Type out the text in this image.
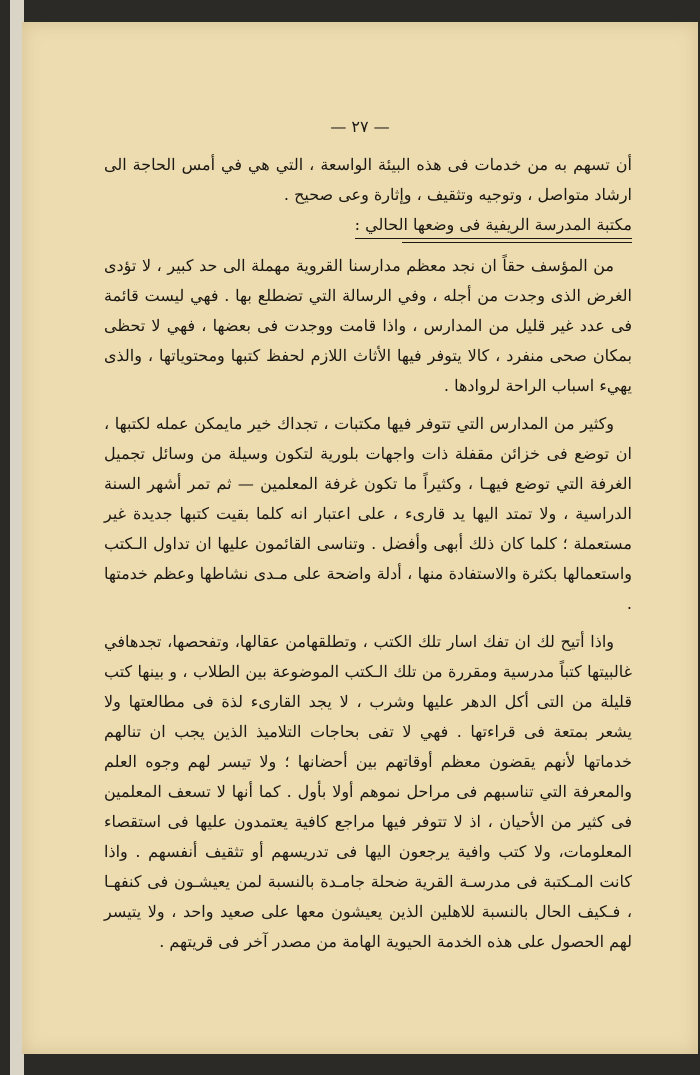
— ٢٧ —

أن تسهم به من خدمات فى هذه البيئة الواسعة ، التي هي في أمس الحاجة الى ارشاد متواصل ، وتوجيه وتثقيف ، وإثارة وعى صحيح .

مكتبة المدرسة الريفية فى وضعها الحالي :

من المؤسف حقاً ان نجد معظم مدارسنا القروية مهملة الى حد كبير ، لا تؤدى الغرض الذى وجدت من أجله ، وفي الرسالة التي تضطلع بها . فهي ليست قائمة فى عدد غير قليل من المدارس ، واذا قامت ووجدت فى بعضها ، فهي لا تحظى بمكان صحى منفرد ، كالا يتوفر فيها الأثاث اللازم لحفظ كتبها ومحتوياتها ، والذى يهيء اسباب الراحة لروادها .

وكثير من المدارس التي تتوفر فيها مكتبات ، تجداك خير مايمكن عمله لكتبها ، ان توضع فى خزائن مقفلة ذات واجهات بلورية لتكون وسيلة من وسائل تجميل الغرفة التي توضع فيهـا ، وكثيراً ما تكون غرفة المعلمين — ثم تمر أشهر السنة الدراسية ، ولا تمتد اليها يد قارىء ، على اعتبار انه كلما بقيت كتبها جديدة غير مستعملة ؛ كلما كان ذلك أبهى وأفضل . وتناسى القائمون عليها ان تداول الـكتب واستعمالها بكثرة والاستفادة منها ، أدلة واضحة على مـدى نشاطها وعظم خدمتها .

واذا أتيح لك ان تفك اسار تلك الكتب ، وتطلقهامن عقالها، وتفحصها، تجدهافي غالبيتها كتباً مدرسية ومقررة من تلك الـكتب الموضوعة بين الطلاب ، و بينها كتب قليلة من التى أكل الدهر عليها وشرب ، لا يجد القارىء لذة فى مطالعتها ولا يشعر بمتعة فى قراءتها . فهي لا تفى بحاجات التلاميذ الذين يجب ان تنالهم خدماتها لأنهم يقضون معظم أوقاتهم بين أحضانها ؛ ولا تيسر لهم وجوه العلم والمعرفة التي تناسبهم فى مراحل نموهم أولا بأول . كما أنها لا تسعف المعلمين فى كثير من الأحيان ، اذ لا تتوفر فيها مراجع كافية يعتمدون عليها فى استقصاء المعلومات، ولا كتب وافية يرجعون اليها فى تدريسهم أو تثقيف أنفسهم . واذا كانت المـكتبة فى مدرسـة القرية ضحلة جامـدة بالنسبة لمن يعيشـون فى كنفهـا ، فـكيف الحال بالنسبة للاهلين الذين يعيشون معها على صعيد واحد ، ولا يتيسر لهم الحصول على هذه الخدمة الحيوية الهامة من مصدر آخر فى قريتهم .
